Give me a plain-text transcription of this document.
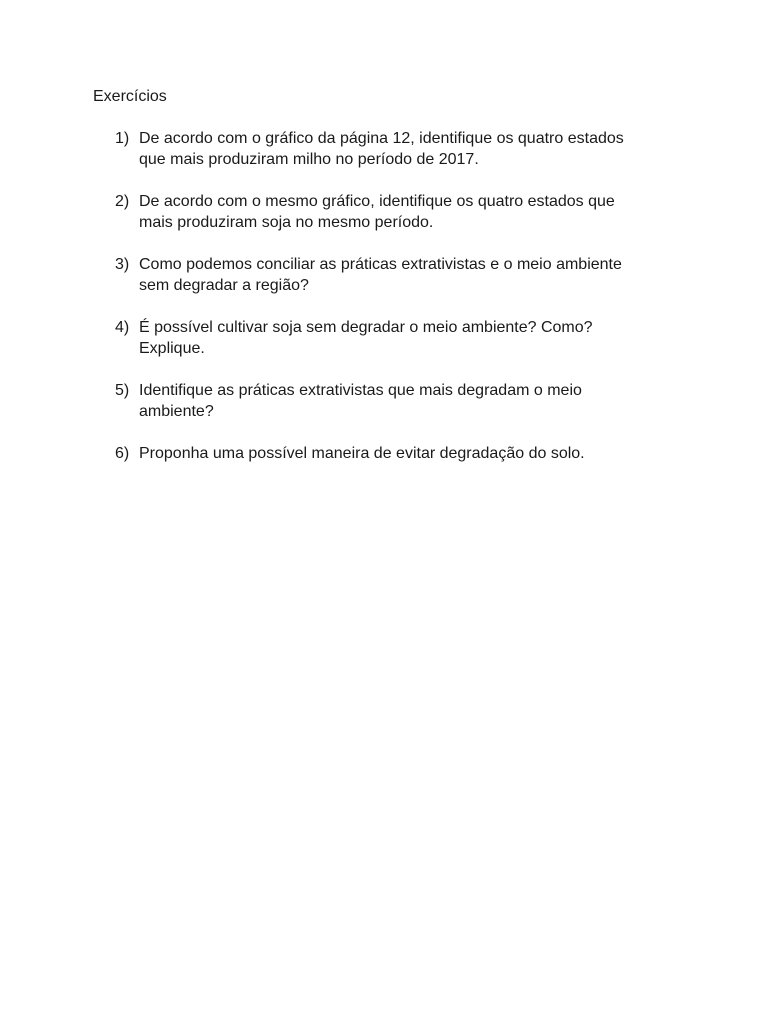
Exercícios
1) De acordo com o gráfico da página 12, identifique os quatro estados
que mais produziram milho no período de 2017.
2) De acordo com o mesmo gráfico, identifique os quatro estados que
mais produziram soja no mesmo período.
3) Como podemos conciliar as práticas extrativistas e o meio ambiente
sem degradar a região?
4) É possível cultivar soja sem degradar o meio ambiente? Como?
Explique.
5) Identifique as práticas extrativistas que mais degradam o meio
ambiente?
6) Proponha uma possível maneira de evitar degradação do solo.
